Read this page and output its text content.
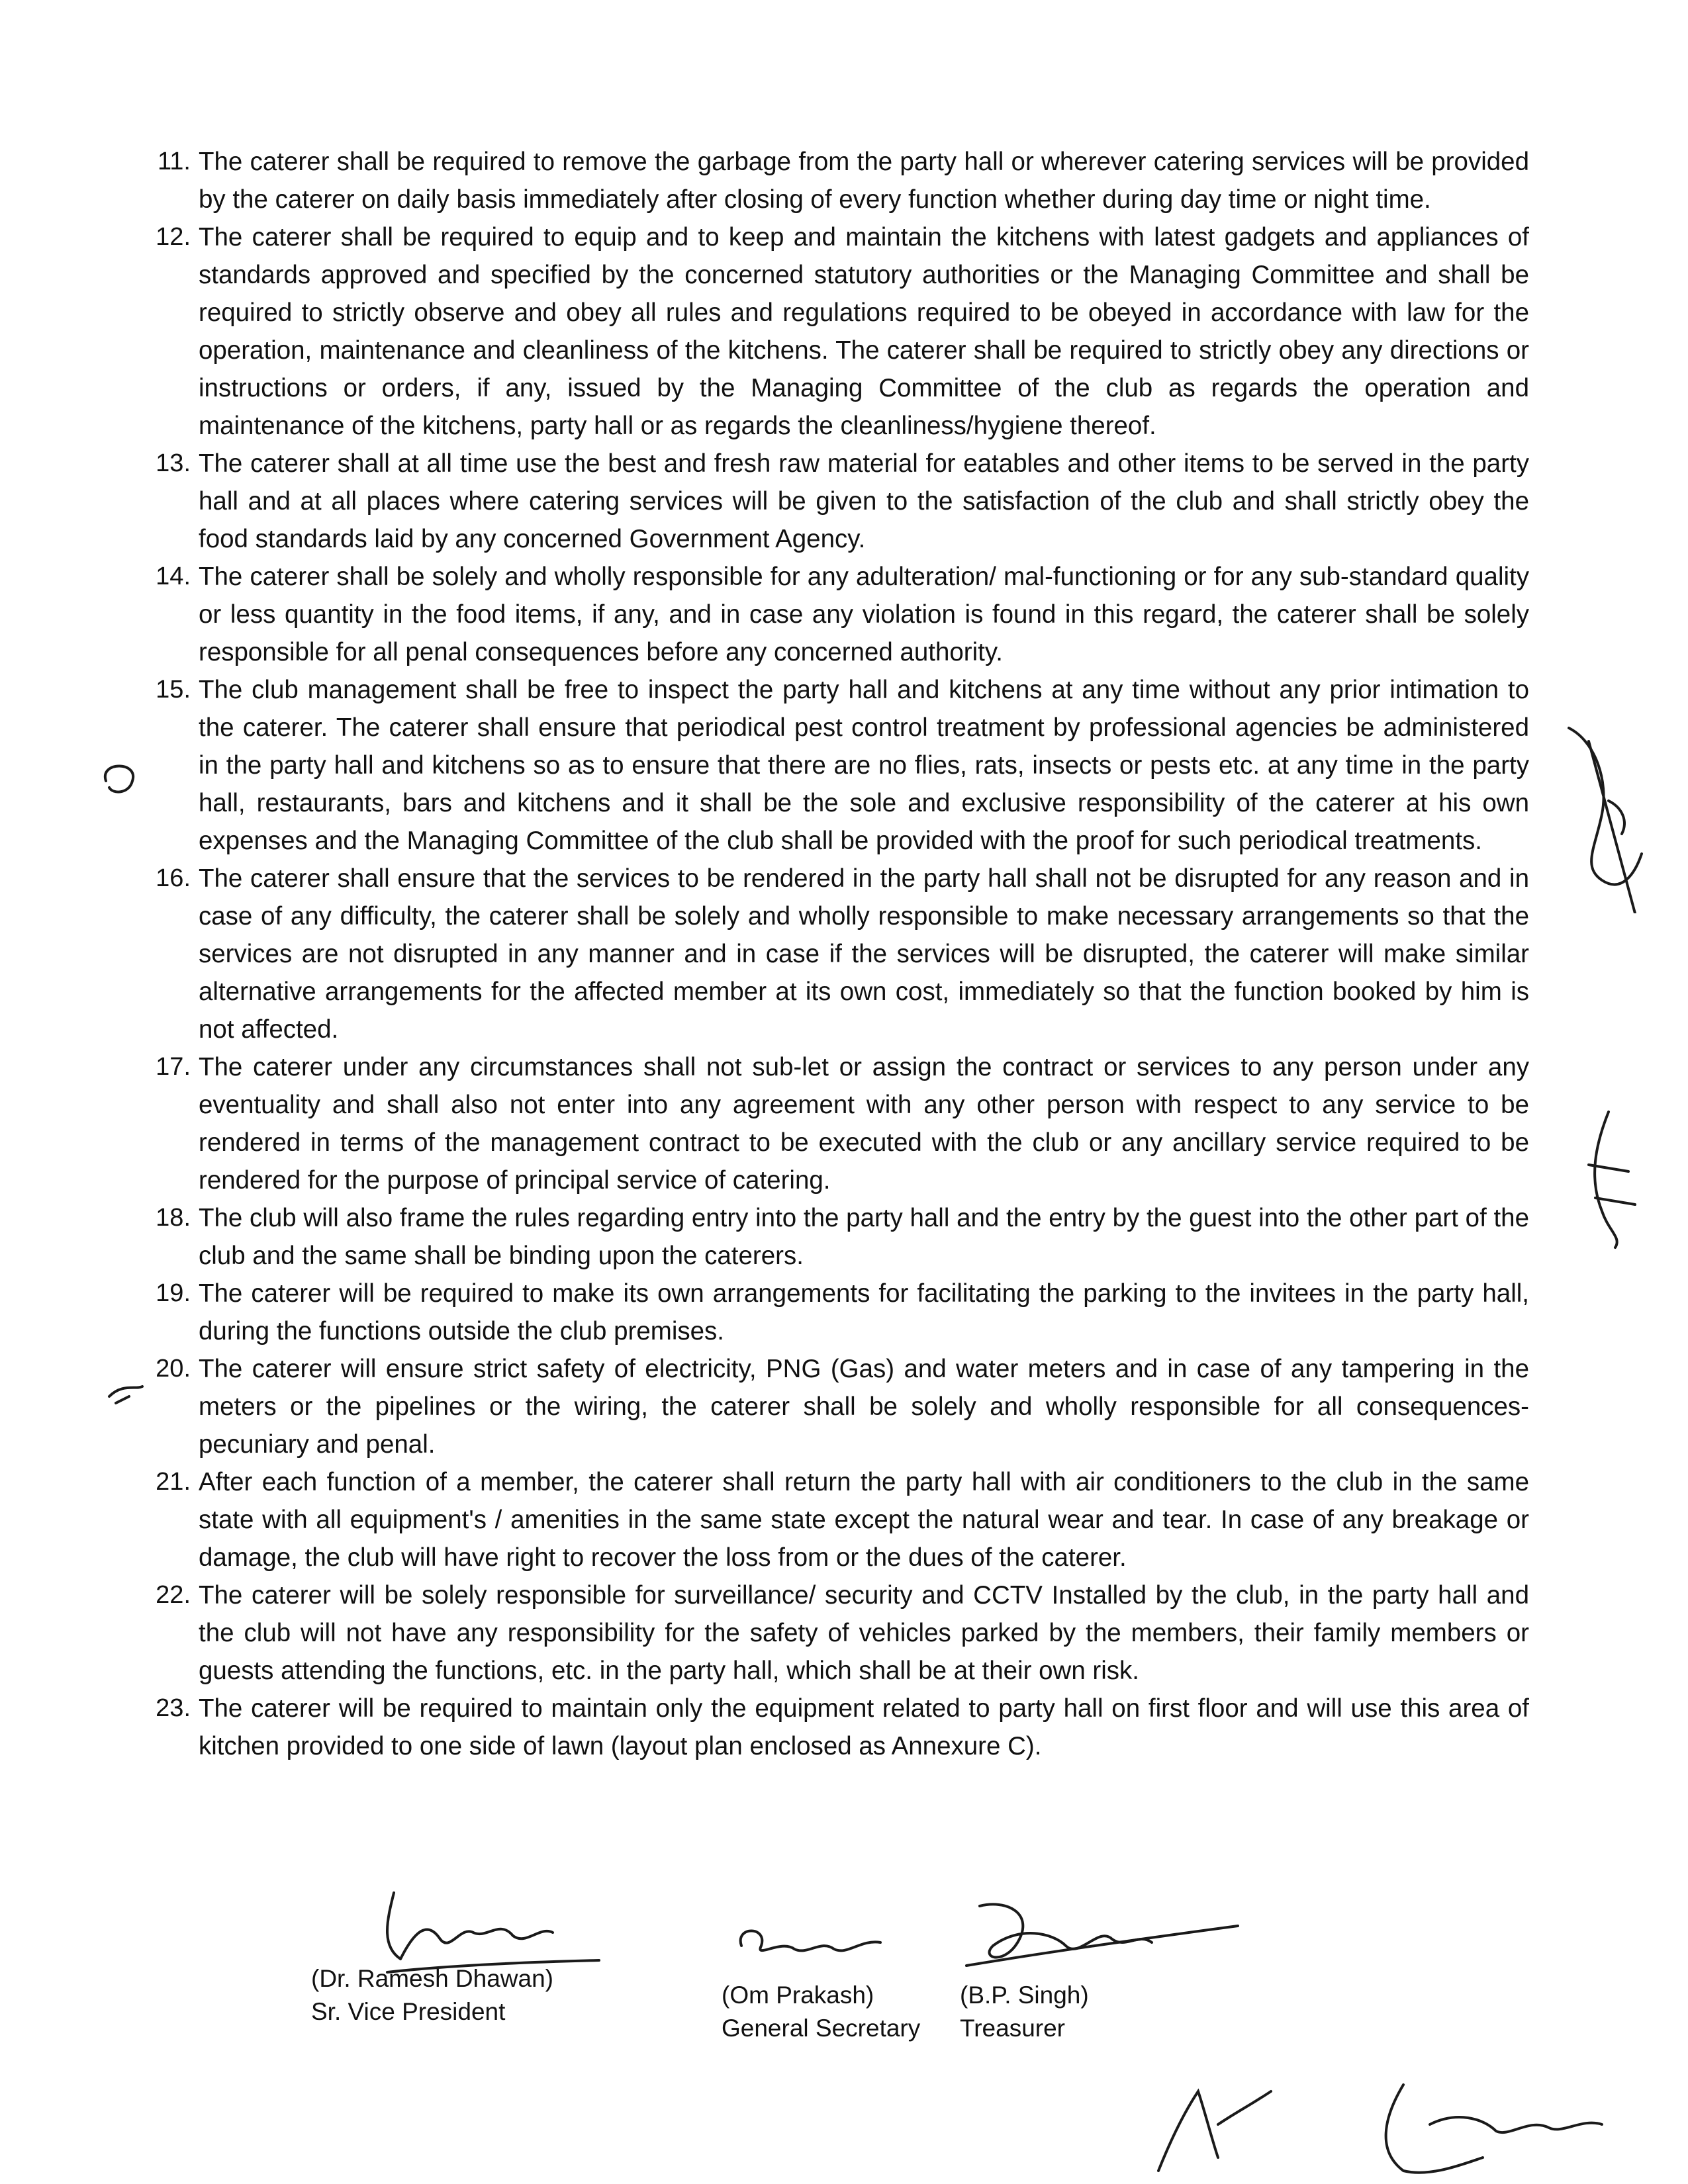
11. The caterer shall be required to remove the garbage from the party hall or wherever catering services will be provided by the caterer on daily basis immediately after closing of every function whether during day time or night time.
12. The caterer shall be required to equip and to keep and maintain the kitchens with latest gadgets and appliances of standards approved and specified by the concerned statutory authorities or the Managing Committee and shall be required to strictly observe and obey all rules and regulations required to be obeyed in accordance with law for the operation, maintenance and cleanliness of the kitchens. The caterer shall be required to strictly obey any directions or instructions or orders, if any, issued by the Managing Committee of the club as regards the operation and maintenance of the kitchens, party hall or as regards the cleanliness/hygiene thereof.
13. The caterer shall at all time use the best and fresh raw material for eatables and other items to be served in the party hall and at all places where catering services will be given to the satisfaction of the club and shall strictly obey the food standards laid by any concerned Government Agency.
14. The caterer shall be solely and wholly responsible for any adulteration/ mal-functioning or for any sub-standard quality or less quantity in the food items, if any, and in case any violation is found in this regard, the caterer shall be solely responsible for all penal consequences before any concerned authority.
15. The club management shall be free to inspect the party hall and kitchens at any time without any prior intimation to the caterer. The caterer shall ensure that periodical pest control treatment by professional agencies be administered in the party hall and kitchens so as to ensure that there are no flies, rats, insects or pests etc. at any time in the party hall, restaurants, bars and kitchens and it shall be the sole and exclusive responsibility of the caterer at his own expenses and the Managing Committee of the club shall be provided with the proof for such periodical treatments.
16. The caterer shall ensure that the services to be rendered in the party hall shall not be disrupted for any reason and in case of any difficulty, the caterer shall be solely and wholly responsible to make necessary arrangements so that the services are not disrupted in any manner and in case if the services will be disrupted, the caterer will make similar alternative arrangements for the affected member at its own cost, immediately so that the function booked by him is not affected.
17. The caterer under any circumstances shall not sub-let or assign the contract or services to any person under any eventuality and shall also not enter into any agreement with any other person with respect to any service to be rendered in terms of the management contract to be executed with the club or any ancillary service required to be rendered for the purpose of principal service of catering.
18. The club will also frame the rules regarding entry into the party hall and the entry by the guest into the other part of the club and the same shall be binding upon the caterers.
19. The caterer will be required to make its own arrangements for facilitating the parking to the invitees in the party hall, during the functions outside the club premises.
20. The caterer will ensure strict safety of electricity, PNG (Gas) and water meters and in case of any tampering in the meters or the pipelines or the wiring, the caterer shall be solely and wholly responsible for all consequences- pecuniary and penal.
21. After each function of a member, the caterer shall return the party hall with air conditioners to the club in the same state with all equipment's / amenities in the same state except the natural wear and tear. In case of any breakage or damage, the club will have right to recover the loss from or the dues of the caterer.
22. The caterer will be solely responsible for surveillance/ security and CCTV Installed by the club, in the party hall and the club will not have any responsibility for the safety of vehicles parked by the members, their family members or guests attending the functions, etc. in the party hall, which shall be at their own risk.
23. The caterer will be required to maintain only the equipment related to party hall on first floor and will use this area of kitchen provided to one side of lawn (layout plan enclosed as Annexure C).
(Dr. Ramesh Dhawan)
Sr. Vice President
(Om Prakash)
General Secretary
(B.P. Singh)
Treasurer
